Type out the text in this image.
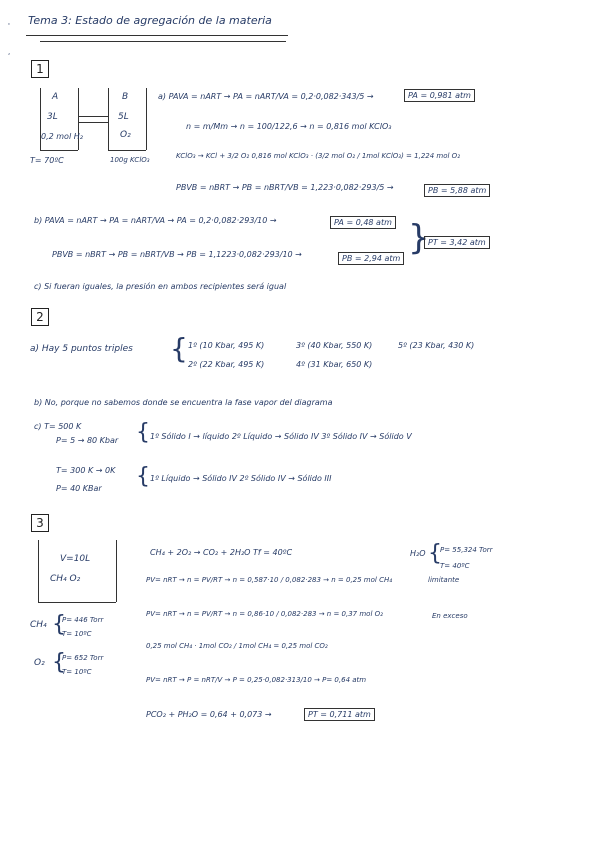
Tema 3: Estado de agregación de la materia
'
,
1
A
3L
0,2 mol H₂
B
5L
O₂
T= 70ºC	100g KClO₃
a) PAVA = nART → PA = nART/VA = 0,2·0,082·343/5 →	PA = 0,981 atm
n = m/Mm → n = 100/122,6 → n = 0,816 mol KClO₃
KClO₃ → KCl + 3/2 O₂ 0,816 mol KClO₃ · (3/2 mol O₂ / 1mol KClO₃) = 1,224 mol O₂
PBVB = nBRT → PB = nBRT/VB = 1,223·0,082·293/5 →	PB = 5,88 atm
b) PAVA = nART → PA = nART/VA → PA = 0,2·0,082·293/10 →	PA = 0,48 atm
PBVB = nBRT → PB = nBRT/VB → PB = 1,1223·0,082·293/10 →	PB = 2,94 atm
}
PT = 3,42 atm
c) Si fueran iguales, la presión en ambos recipientes será igual
2
a) Hay 5 puntos triples { 1º (10 Kbar, 495 K)	3º (40 Kbar, 550 K)	5º (23 Kbar, 430 K)
2º (22 Kbar, 495 K)	4º (31 Kbar, 650 K)
b) No, porque no sabemos donde se encuentra la fase vapor del diagrama
c) T= 500 K
P= 5 → 80 Kbar { 1º Sólido I → líquido 2º Líquido → Sólido IV 3º Sólido IV → Sólido V
T= 300 K → 0K
P= 40 KBar { 1º Líquido → Sólido IV 2º Sólido IV → Sólido III
3
V=10L
CH₄ O₂
CH₄ {
P= 446 Torr
T= 10ºC
O₂ {
P= 652 Torr
T= 10ºC
CH₄ + 2O₂ → CO₂ + 2H₂O Tf = 40ºC	H₂O {
P= 55,324 Torr
T= 40ºC
PV= nRT → n = PV/RT → n = 0,587·10 / 0,082·283 → n = 0,25 mol CH₄	limitante
PV= nRT → n = PV/RT → n = 0,86·10 / 0,082·283 → n = 0,37 mol O₂	En exceso
0,25 mol CH₄ · 1mol CO₂ / 1mol CH₄ = 0,25 mol CO₂
PV= nRT → P = nRT/V → P = 0,25·0,082·313/10 → P= 0,64 atm
PCO₂ + PH₂O = 0,64 + 0,073 →	PT = 0,711 atm
